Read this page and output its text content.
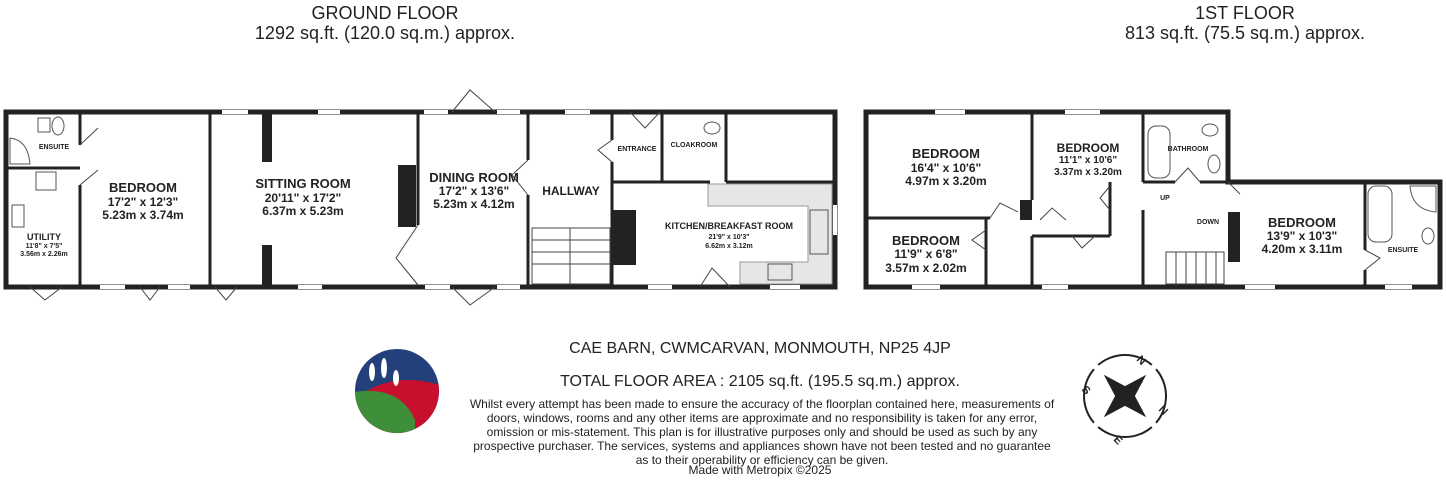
GROUND FLOOR
1292 sq.ft. (120.0 sq.m.) approx.
1ST FLOOR
813 sq.ft. (75.5 sq.m.) approx.
ENSUITE
BEDROOM
17'2" x 12'3"
5.23m x 3.74m
UTILITY
11'8" x 7'5"
3.56m x 2.26m
SITTING ROOM
20'11" x 17'2"
6.37m x 5.23m
DINING ROOM
17'2" x 13'6"
5.23m x 4.12m
HALLWAY
ENTRANCE
CLOAKROOM
KITCHEN/BREAKFAST ROOM
21'9" x 10'3"
6.62m x 3.12m
UP
DOWN
BEDROOM
16'4" x 10'6"
4.97m x 3.20m
BEDROOM
11'1" x 10'6"
3.37m x 3.20m
BATHROOM
BEDROOM
11'9" x 6'8"
3.57m x 2.02m
BEDROOM
13'9" x 10'3"
4.20m x 3.11m	ENSUITE
N
N
E
S
CAE BARN, CWMCARVAN, MONMOUTH, NP25 4JP
TOTAL FLOOR AREA : 2105 sq.ft. (195.5 sq.m.) approx.
Whilst every attempt has been made to ensure the accuracy of the floorplan contained here, measurements of doors, windows, rooms and any other items are approximate and no responsibility is taken for any error, omission or mis-statement. This plan is for illustrative purposes only and should be used as such by any prospective purchaser. The services, systems and appliances shown have not been tested and no guarantee as to their operability or efficiency can be given.
Made with Metropix ©2025
